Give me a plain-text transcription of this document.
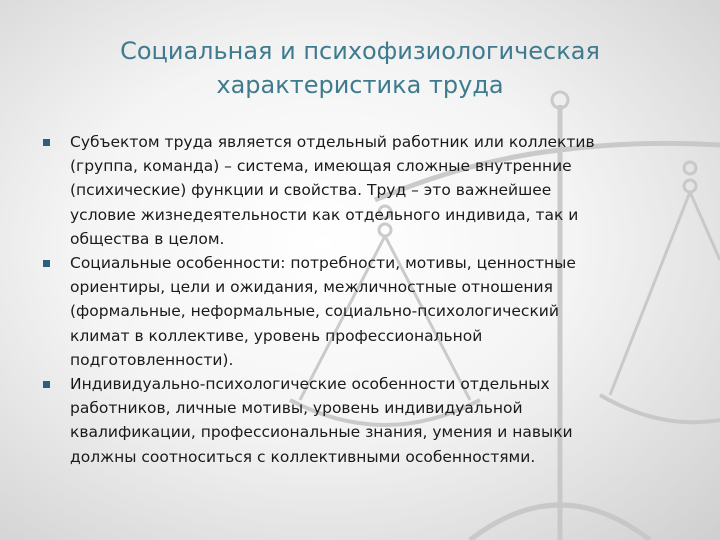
Социальная и психофизиологическая
характеристика труда
Субъектом труда является отдельный работник или коллектив
(группа, команда) – система, имеющая сложные внутренние
(психические) функции и свойства. Труд – это важнейшее
условие жизнедеятельности как отдельного индивида, так и
общества в целом.
Социальные особенности: потребности, мотивы, ценностные
ориентиры, цели и ожидания, межличностные отношения
(формальные, неформальные, социально-психологический
климат в коллективе, уровень профессиональной
подготовленности).
Индивидуально-психологические особенности отдельных
работников, личные мотивы, уровень индивидуальной
квалификации, профессиональные знания, умения и навыки
должны соотноситься с коллективными особенностями.
